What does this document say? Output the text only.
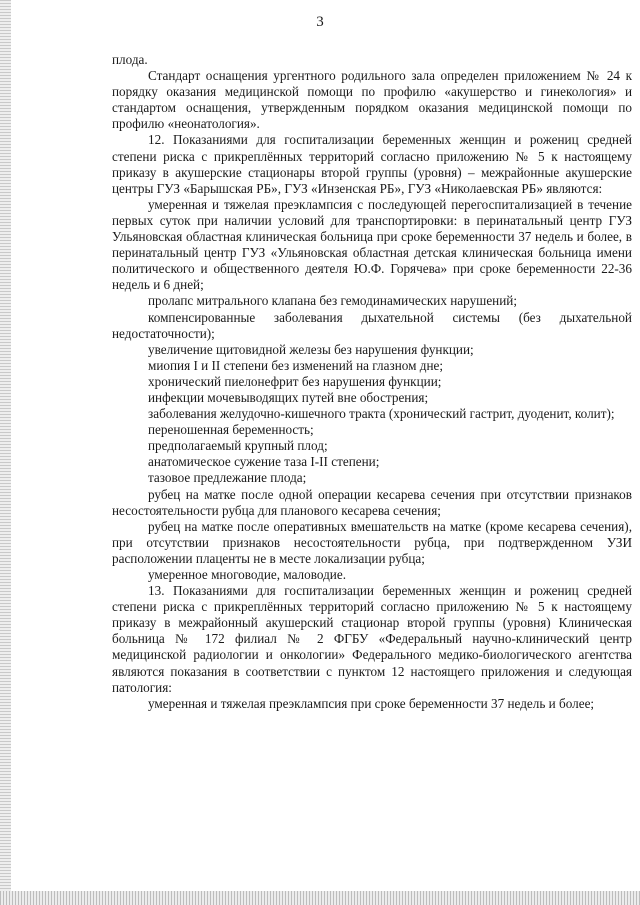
3

плода.

Стандарт оснащения ургентного родильного зала определен приложением № 24 к порядку оказания медицинской помощи по профилю «акушерство и гинекология» и стандартом оснащения, утвержденным порядком оказания медицинской помощи по профилю «неонатология».

12. Показаниями для госпитализации беременных женщин и рожениц средней степени риска с прикреплённых территорий согласно приложению № 5 к настоящему приказу в акушерские стационары второй группы (уровня) – межрайонные акушерские центры ГУЗ «Барышская РБ», ГУЗ «Инзенская РБ», ГУЗ «Николаевская РБ» являются:

умеренная и тяжелая преэклампсия с последующей перегоспитализацией в течение первых суток при наличии условий для транспортировки: в перинатальный центр ГУЗ Ульяновская областная клиническая больница при сроке беременности 37 недель и более, в перинатальный центр ГУЗ «Ульяновская областная детская клиническая больница имени политического и общественного деятеля Ю.Ф. Горячева» при сроке беременности 22-36 недель и 6 дней;

пролапс митрального клапана без гемодинамических нарушений;

компенсированные заболевания дыхательной системы (без дыхательной недостаточности);

увеличение щитовидной железы без нарушения функции;

миопия I и II степени без изменений на глазном дне;

хронический пиелонефрит без нарушения функции;

инфекции мочевыводящих путей вне обострения;

заболевания желудочно-кишечного тракта (хронический гастрит, дуоденит, колит);

переношенная беременность;

предполагаемый крупный плод;

анатомическое сужение таза I-II степени;

тазовое предлежание плода;

рубец на матке после одной операции кесарева сечения при отсутствии признаков несостоятельности рубца для планового кесарева сечения;

рубец на матке после оперативных вмешательств на матке (кроме кесарева сечения), при отсутствии признаков несостоятельности рубца, при подтвержденном УЗИ расположении плаценты не в месте локализации рубца;

умеренное многоводие, маловодие.

13. Показаниями для госпитализации беременных женщин и рожениц средней степени риска с прикреплённых территорий согласно приложению № 5 к настоящему приказу в межрайонный акушерский стационар второй группы (уровня) Клиническая больница № 172 филиал № 2 ФГБУ «Федеральный научно-клинический центр медицинской радиологии и онкологии» Федерального медико-биологического агентства являются показания в соответствии с пунктом 12 настоящего приложения и следующая патология:

умеренная и тяжелая преэклампсия при сроке беременности 37 недель и более;
